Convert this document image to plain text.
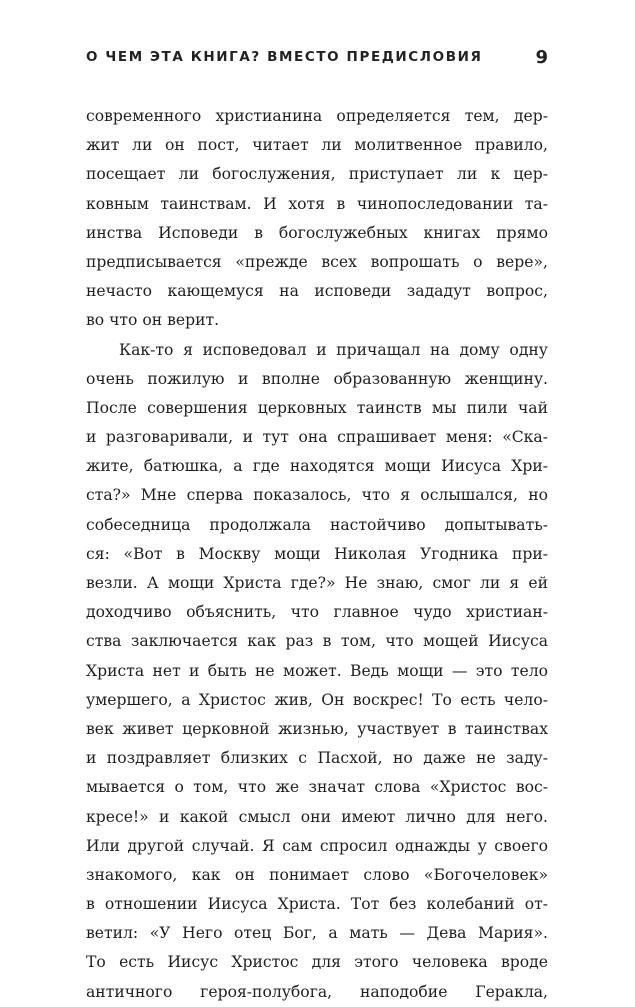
О ЧЕМ ЭТА КНИГА? ВМЕСТО ПРЕДИСЛОВИЯ	9
современного христианина определяется тем, дер-
жит ли он пост, читает ли молитвенное правило,
посещает ли богослужения, приступает ли к цер-
ковным таинствам. И хотя в чинопоследовании та-
инства Исповеди в богослужебных книгах прямо
предписывается «прежде всех вопрошать о вере»,
нечасто кающемуся на исповеди зададут вопрос,
во что он верит.
Как-то я исповедовал и причащал на дому одну
очень пожилую и вполне образованную женщину.
После совершения церковных таинств мы пили чай
и разговаривали, и тут она спрашивает меня: «Ска-
жите, батюшка, а где находятся мощи Иисуса Хри-
ста?» Мне сперва показалось, что я ослышался, но
собеседница продолжала настойчиво допытывать-
ся: «Вот в Москву мощи Николая Угодника при-
везли. А мощи Христа где?» Не знаю, смог ли я ей
доходчиво объяснить, что главное чудо христиан-
ства заключается как раз в том, что мощей Иисуса
Христа нет и быть не может. Ведь мощи — это тело
умершего, а Христос жив, Он воскрес! То есть чело-
век живет церковной жизнью, участвует в таинствах
и поздравляет близких с Пасхой, но даже не заду-
мывается о том, что же значат слова «Христос вос-
кресе!» и какой смысл они имеют лично для него.
Или другой случай. Я сам спросил однажды у своего
знакомого, как он понимает слово «Богочеловек»
в отношении Иисуса Христа. Тот без колебаний от-
ветил: «У Него отец Бог, а мать — Дева Мария».
То есть Иисус Христос для этого человека вроде
античного героя-полубога, наподобие Геракла,
